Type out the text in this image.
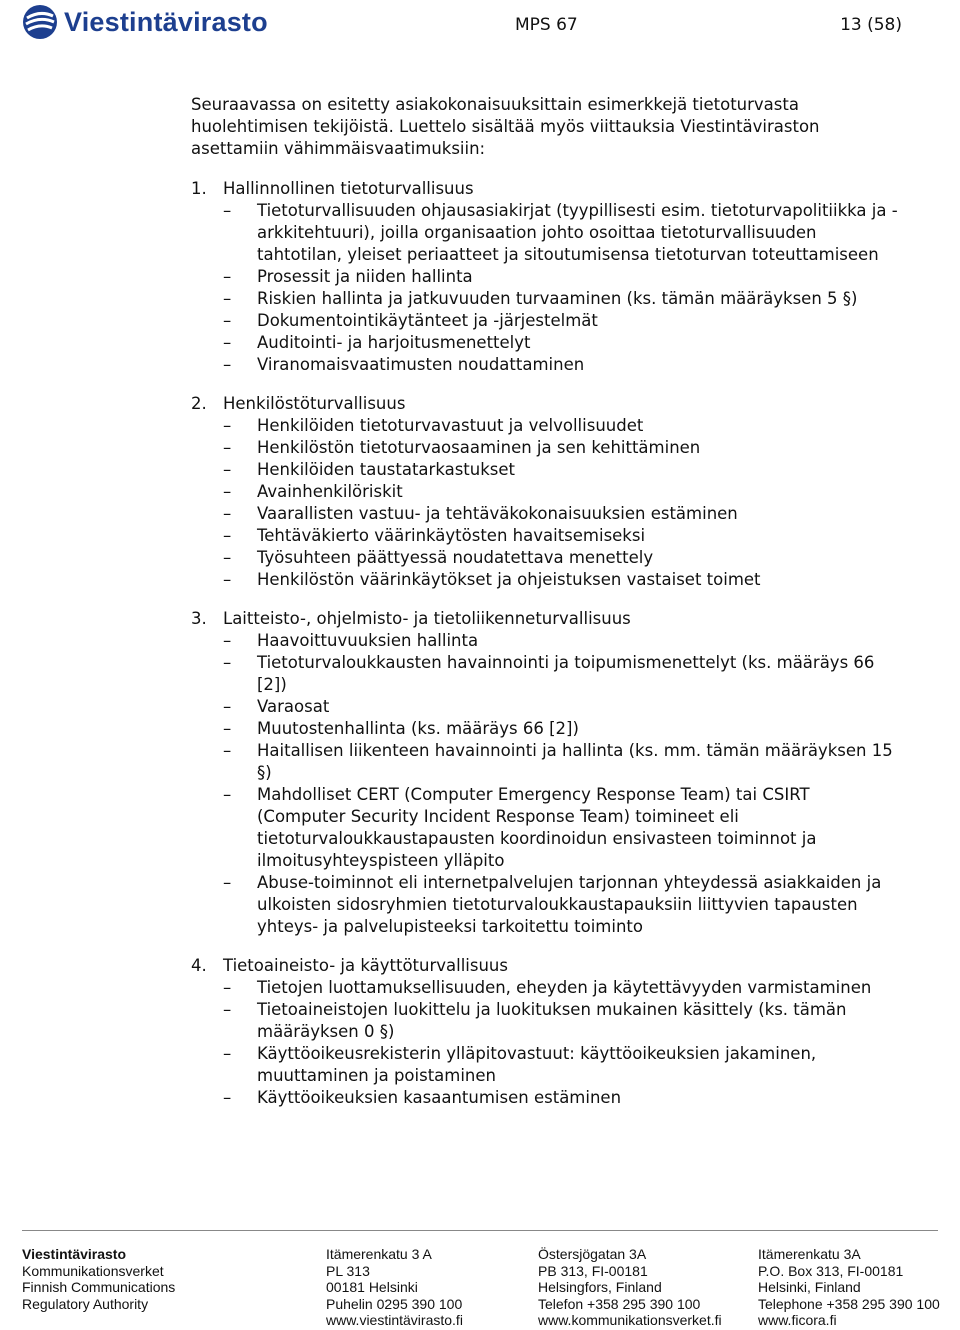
Viestintävirasto	MPS 67	13 (58)

Seuraavassa on esitetty asiakokonaisuuksittain esimerkkejä tietoturvasta huolehtimisen tekijöistä. Luettelo sisältää myös viittauksia Viestintäviraston asettamiin vähimmäisvaatimuksiin:

1. Hallinnollinen tietoturvallisuus
– Tietoturvallisuuden ohjausasiakirjat (tyypillisesti esim. tietoturvapolitiikka ja -arkkitehtuuri), joilla organisaation johto osoittaa tietoturvallisuuden tahtotilan, yleiset periaatteet ja sitoutumisensa tietoturvan toteuttamiseen
– Prosessit ja niiden hallinta
– Riskien hallinta ja jatkuvuuden turvaaminen (ks. tämän määräyksen 5 §)
– Dokumentointikäytänteet ja -järjestelmät
– Auditointi- ja harjoitusmenettelyt
– Viranomaisvaatimusten noudattaminen
2. Henkilöstöturvallisuus
– Henkilöiden tietoturvavastuut ja velvollisuudet
– Henkilöstön tietoturvaosaaminen ja sen kehittäminen
– Henkilöiden taustatarkastukset
– Avainhenkilöriskit
– Vaarallisten vastuu- ja tehtäväkokonaisuuksien estäminen
– Tehtäväkierto väärinkäytösten havaitsemiseksi
– Työsuhteen päättyessä noudatettava menettely
– Henkilöstön väärinkäytökset ja ohjeistuksen vastaiset toimet
3. Laitteisto-, ohjelmisto- ja tietoliikenneturvallisuus
– Haavoittuvuuksien hallinta
– Tietoturvaloukkausten havainnointi ja toipumismenettelyt (ks. määräys 66 [2])
– Varaosat
– Muutostenhallinta (ks. määräys 66 [2])
– Haitallisen liikenteen havainnointi ja hallinta (ks. mm. tämän määräyksen 15 §)
– Mahdolliset CERT (Computer Emergency Response Team) tai CSIRT (Computer Security Incident Response Team) toimineet eli tietoturvaloukkaustapausten koordinoidun ensivasteen toiminnot ja ilmoitusyhteyspisteen ylläpito
– Abuse-toiminnot eli internetpalvelujen tarjonnan yhteydessä asiakkaiden ja ulkoisten sidosryhmien tietoturvaloukkaustapauksiin liittyvien tapausten yhteys- ja palvelupisteeksi tarkoitettu toiminto
4. Tietoaineisto- ja käyttöturvallisuus
– Tietojen luottamuksellisuuden, eheyden ja käytettävyyden varmistaminen
– Tietoaineistojen luokittelu ja luokituksen mukainen käsittely (ks. tämän määräyksen 0 §)
– Käyttöoikeusrekisterin ylläpitovastuut: käyttöoikeuksien jakaminen, muuttaminen ja poistaminen
– Käyttöoikeuksien kasaantumisen estäminen
Viestintävirasto
Kommunikationsverket
Finnish Communications
Regulatory Authority
Itämerenkatu 3 A
PL 313
00181 Helsinki
Puhelin 0295 390 100
www.viestintävirasto.fi
Östersjögatan 3A
PB 313, FI-00181
Helsingfors, Finland
Telefon +358 295 390 100
www.kommunikationsverket.fi
Itämerenkatu 3A
P.O. Box 313, FI-00181
Helsinki, Finland
Telephone +358 295 390 100
www.ficora.fi
